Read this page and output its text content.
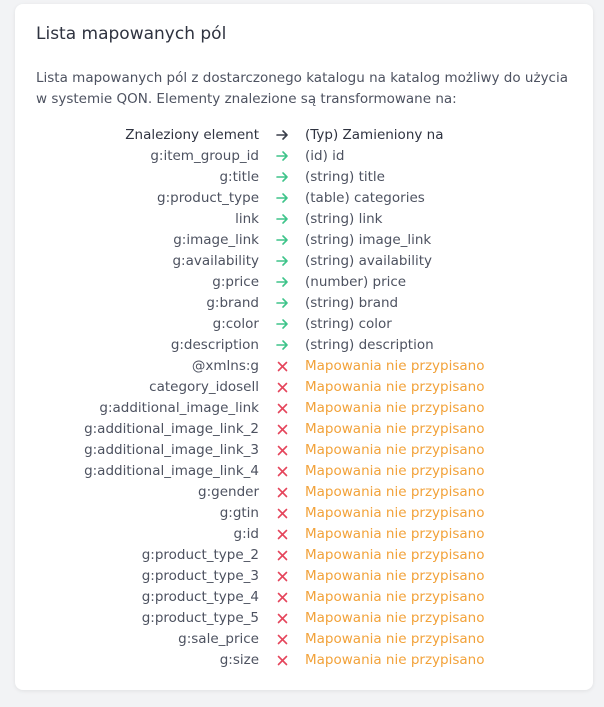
Lista mapowanych pól

Lista mapowanych pól z dostarczonego katalogu na katalog możliwy do użycia w systemie QON. Elementy znalezione są transformowane na:

Znaleziony element	(Typ) Zamieniony na
g:item_group_id	(id) id
g:title	(string) title
g:product_type	(table) categories
link	(string) link
g:image_link	(string) image_link
g:availability	(string) availability
g:price	(number) price
g:brand	(string) brand
g:color	(string) color
g:description	(string) description
@xmlns:g	Mapowania nie przypisano
category_idosell	Mapowania nie przypisano
g:additional_image_link	Mapowania nie przypisano
g:additional_image_link_2	Mapowania nie przypisano
g:additional_image_link_3	Mapowania nie przypisano
g:additional_image_link_4	Mapowania nie przypisano
g:gender	Mapowania nie przypisano
g:gtin	Mapowania nie przypisano
g:id	Mapowania nie przypisano
g:product_type_2	Mapowania nie przypisano
g:product_type_3	Mapowania nie przypisano
g:product_type_4	Mapowania nie przypisano
g:product_type_5	Mapowania nie przypisano
g:sale_price	Mapowania nie przypisano
g:size	Mapowania nie przypisano
